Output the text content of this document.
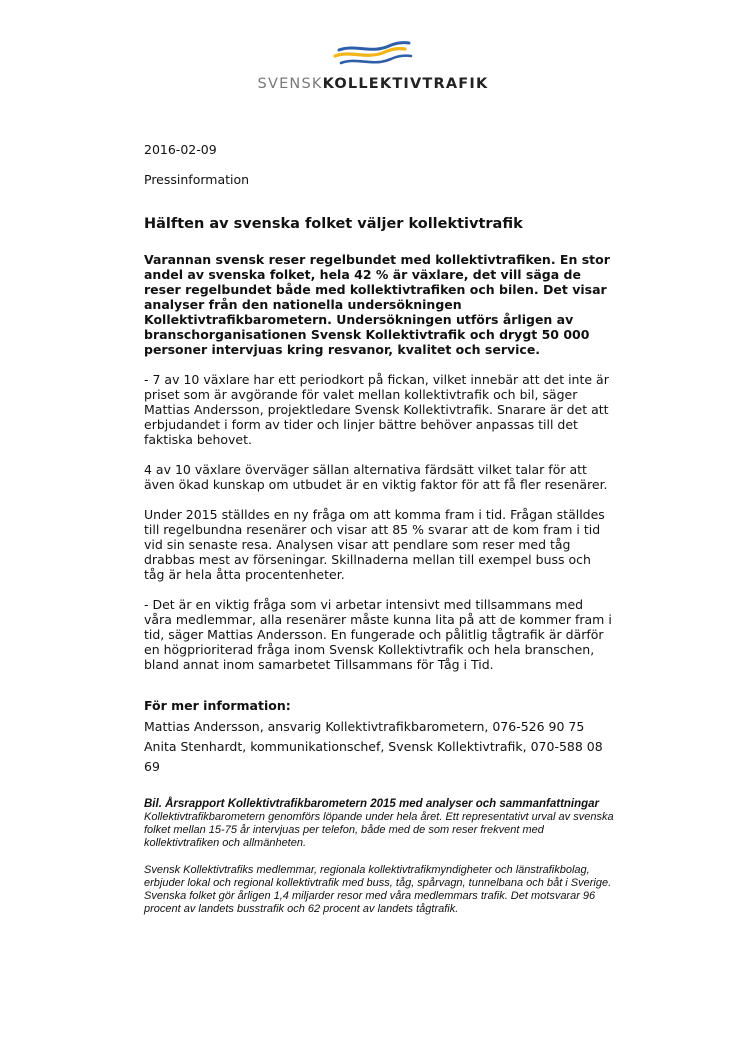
SVENSKKOLLEKTIVTRAFIK

2016-02-09

Pressinformation

Hälften av svenska folket väljer kollektivtrafik

Varannan svensk reser regelbundet med kollektivtrafiken. En stor andel av svenska folket, hela 42 % är växlare, det vill säga de reser regelbundet både med kollektivtrafiken och bilen. Det visar analyser från den nationella undersökningen Kollektivtrafikbarometern. Undersökningen utförs årligen av branschorganisationen Svensk Kollektivtrafik och drygt 50 000 personer intervjuas kring resvanor, kvalitet och service.

- 7 av 10 växlare har ett periodkort på fickan, vilket innebär att det inte är priset som är avgörande för valet mellan kollektivtrafik och bil, säger Mattias Andersson, projektledare Svensk Kollektivtrafik. Snarare är det att erbjudandet i form av tider och linjer bättre behöver anpassas till det faktiska behovet.

4 av 10 växlare överväger sällan alternativa färdsätt vilket talar för att även ökad kunskap om utbudet är en viktig faktor för att få fler resenärer.

Under 2015 ställdes en ny fråga om att komma fram i tid. Frågan ställdes till regelbundna resenärer och visar att 85 % svarar att de kom fram i tid vid sin senaste resa. Analysen visar att pendlare som reser med tåg drabbas mest av förseningar. Skillnaderna mellan till exempel buss och tåg är hela åtta procentenheter.

- Det är en viktig fråga som vi arbetar intensivt med tillsammans med våra medlemmar, alla resenärer måste kunna lita på att de kommer fram i tid, säger Mattias Andersson. En fungerade och pålitlig tågtrafik är därför en högprioriterad fråga inom Svensk Kollektivtrafik och hela branschen, bland annat inom samarbetet Tillsammans för Tåg i Tid.

För mer information:

Mattias Andersson, ansvarig Kollektivtrafikbarometern, 076-526 90 75

Anita Stenhardt, kommunikationschef, Svensk Kollektivtrafik, 070-588 08 69

Bil. Årsrapport Kollektivtrafikbarometern 2015 med analyser och sammanfattningar

Kollektivtrafikbarometern genomförs löpande under hela året. Ett representativt urval av svenska folket mellan 15-75 år intervjuas per telefon, både med de som reser frekvent med kollektivtrafiken och allmänheten.

Svensk Kollektivtrafiks medlemmar, regionala kollektivtrafikmyndigheter och länstrafikbolag, erbjuder lokal och regional kollektivtrafik med buss, tåg, spårvagn, tunnelbana och båt i Sverige. Svenska folket gör årligen 1,4 miljarder resor med våra medlemmars trafik. Det motsvarar 96 procent av landets busstrafik och 62 procent av landets tågtrafik.
